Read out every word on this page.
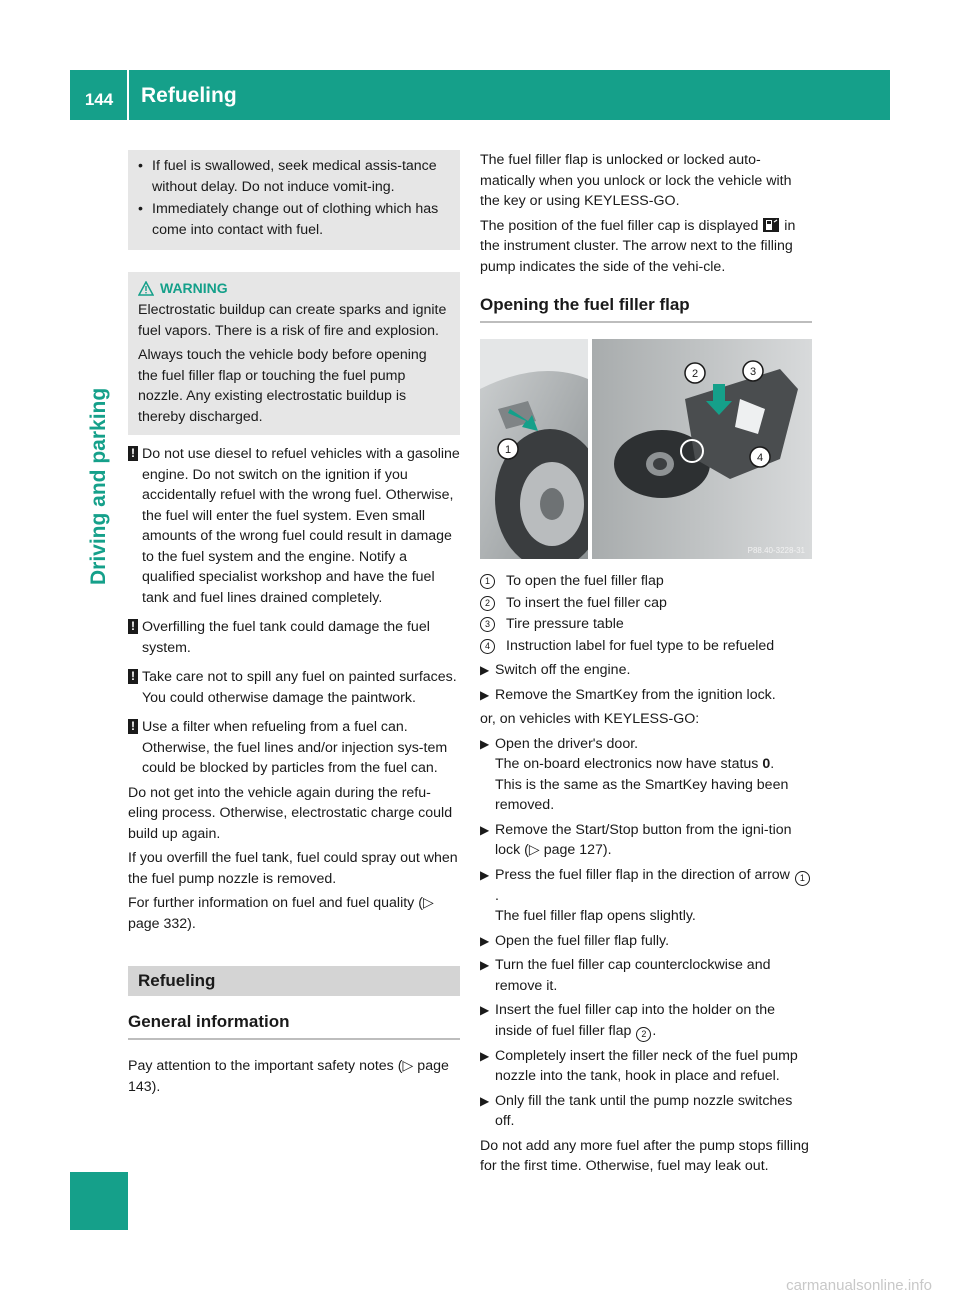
144	Refueling
Driving and parking

• If fuel is swallowed, seek medical assis-tance without delay. Do not induce vomit-ing.

• Immediately change out of clothing which has come into contact with fuel.

WARNING

Electrostatic buildup can create sparks and ignite fuel vapors. There is a risk of fire and explosion.

Always touch the vehicle body before opening the fuel filler flap or touching the fuel pump nozzle. Any existing electrostatic buildup is thereby discharged.

! Do not use diesel to refuel vehicles with a gasoline engine. Do not switch on the ignition if you accidentally refuel with the wrong fuel. Otherwise, the fuel will enter the fuel system. Even small amounts of the wrong fuel could result in damage to the fuel system and the engine. Notify a qualified specialist workshop and have the fuel tank and fuel lines drained completely.

! Overfilling the fuel tank could damage the fuel system.

! Take care not to spill any fuel on painted surfaces. You could otherwise damage the paintwork.

! Use a filter when refueling from a fuel can. Otherwise, the fuel lines and/or injection sys-tem could be blocked by particles from the fuel can.

Do not get into the vehicle again during the refu-eling process. Otherwise, electrostatic charge could build up again.

If you overfill the fuel tank, fuel could spray out when the fuel pump nozzle is removed.

For further information on fuel and fuel quality (▷ page 332).

Refueling
General information

Pay attention to the important safety notes (▷ page 143).

The fuel filler flap is unlocked or locked auto-matically when you unlock or lock the vehicle with the key or using KEYLESS-GO.

The position of the fuel filler cap is displayed in the instrument cluster. The arrow next to the filling pump indicates the side of the vehi-cle.

Opening the fuel filler flap
1
2	3
4
P88.40-3228-31

1	To open the fuel filler flap

2	To insert the fuel filler cap

3	Tire pressure table

4	Instruction label for fuel type to be refueled

▶ Switch off the engine.

▶ Remove the SmartKey from the ignition lock.

or, on vehicles with KEYLESS-GO:

▶ Open the driver's door.
The on-board electronics now have status 0.
This is the same as the SmartKey having been removed.

▶ Remove the Start/Stop button from the igni-tion lock (▷ page 127).

▶ Press the fuel filler flap in the direction of arrow 1.
The fuel filler flap opens slightly.

▶ Open the fuel filler flap fully.

▶ Turn the fuel filler cap counterclockwise and remove it.

▶ Insert the fuel filler cap into the holder on the inside of fuel filler flap 2 .

▶ Completely insert the filler neck of the fuel pump nozzle into the tank, hook in place and refuel.

▶ Only fill the tank until the pump nozzle switches off.

Do not add any more fuel after the pump stops filling for the first time. Otherwise, fuel may leak out.

carmanualsonline.info
